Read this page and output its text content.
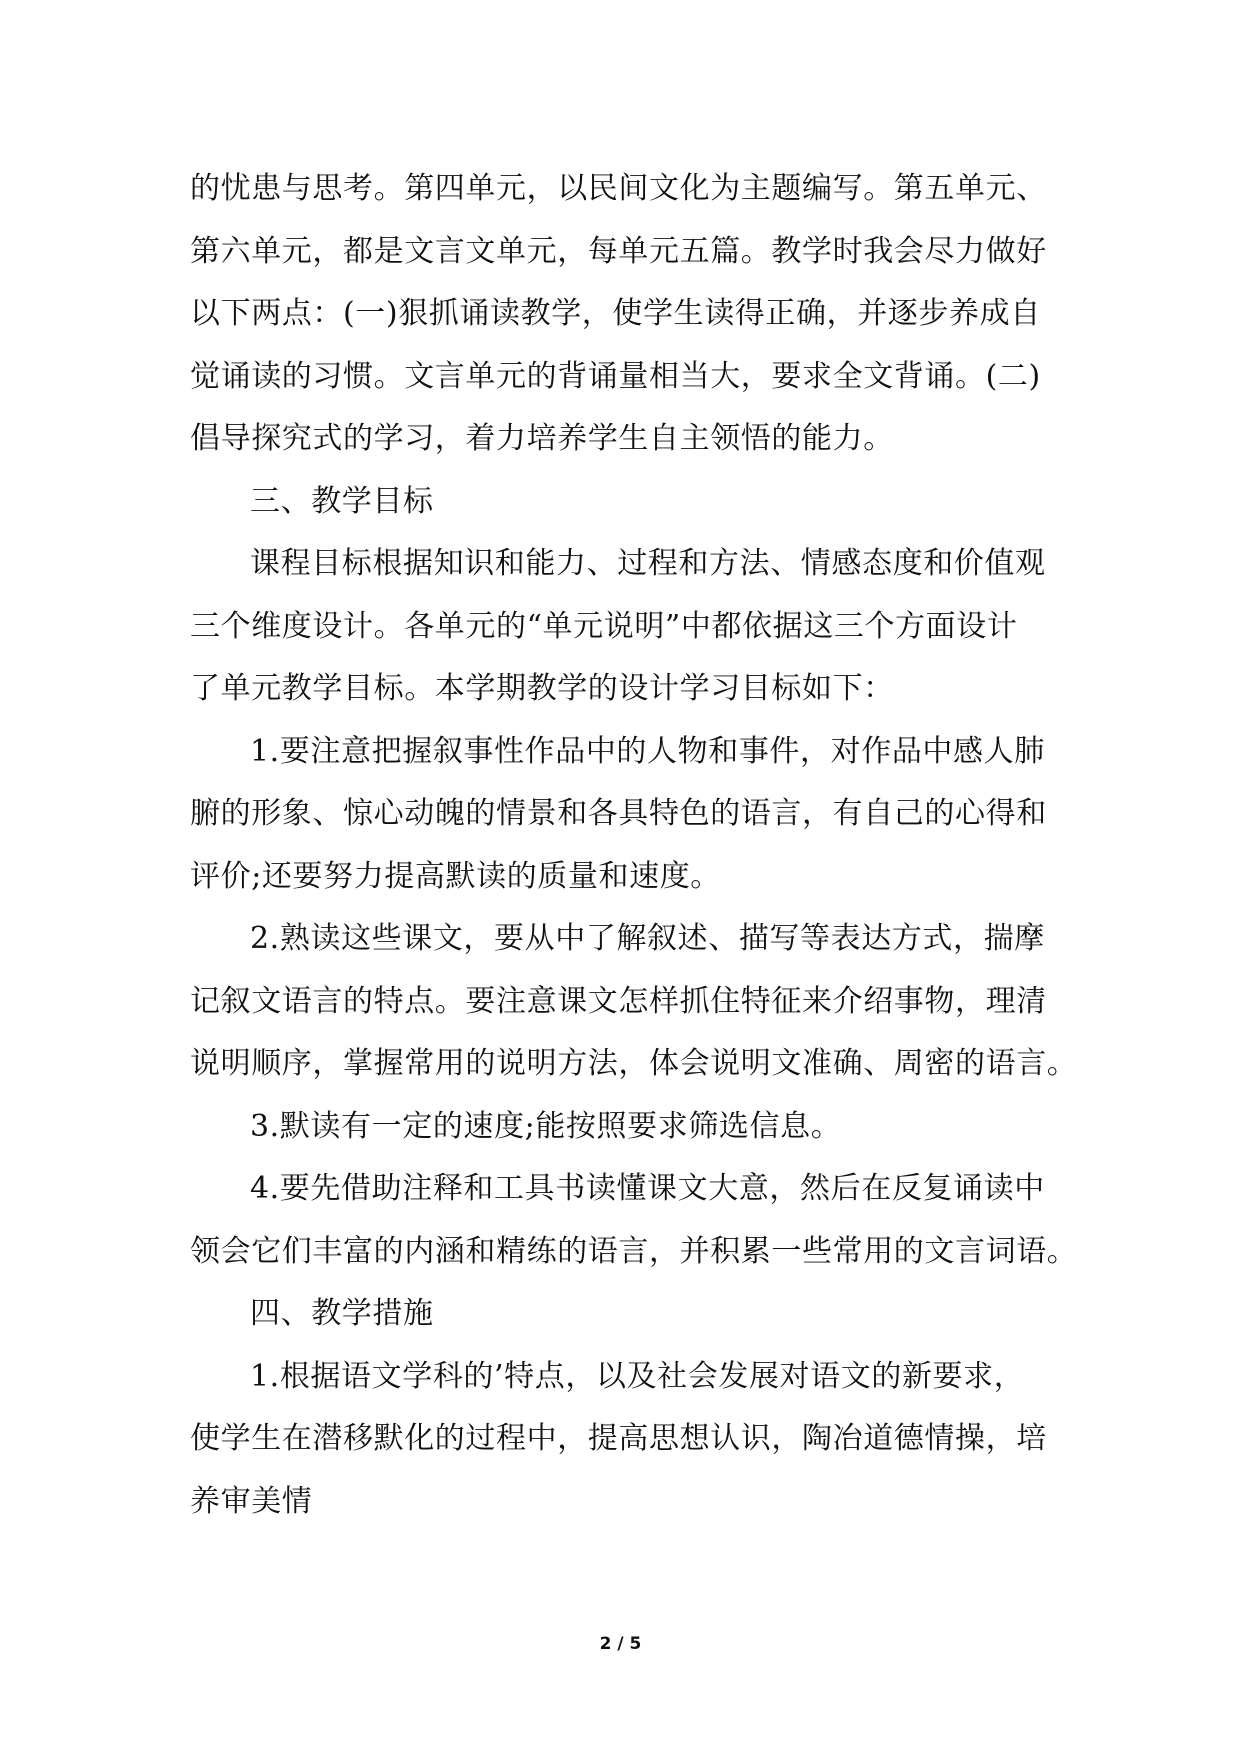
的忧患与思考。第四单元，以民间文化为主题编写。第五单元、
第六单元，都是文言文单元，每单元五篇。教学时我会尽力做好
以下两点：(一)狠抓诵读教学，使学生读得正确，并逐步养成自
觉诵读的习惯。文言单元的背诵量相当大，要求全文背诵。(二)
倡导探究式的学习，着力培养学生自主领悟的能力。
三、教学目标
课程目标根据知识和能力、过程和方法、情感态度和价值观
三个维度设计。各单元的“单元说明”中都依据这三个方面设计
了单元教学目标。本学期教学的设计学习目标如下：
1.要注意把握叙事性作品中的人物和事件，对作品中感人肺
腑的形象、惊心动魄的情景和各具特色的语言，有自己的心得和
评价;还要努力提高默读的质量和速度。
2.熟读这些课文，要从中了解叙述、描写等表达方式，揣摩
记叙文语言的特点。要注意课文怎样抓住特征来介绍事物，理清
说明顺序，掌握常用的说明方法，体会说明文准确、周密的语言。
3.默读有一定的速度;能按照要求筛选信息。
4.要先借助注释和工具书读懂课文大意，然后在反复诵读中
领会它们丰富的内涵和精练的语言，并积累一些常用的文言词语。
四、教学措施
1.根据语文学科的’特点，以及社会发展对语文的新要求，
使学生在潜移默化的过程中，提高思想认识，陶冶道德情操，培
养审美情
2 / 5
